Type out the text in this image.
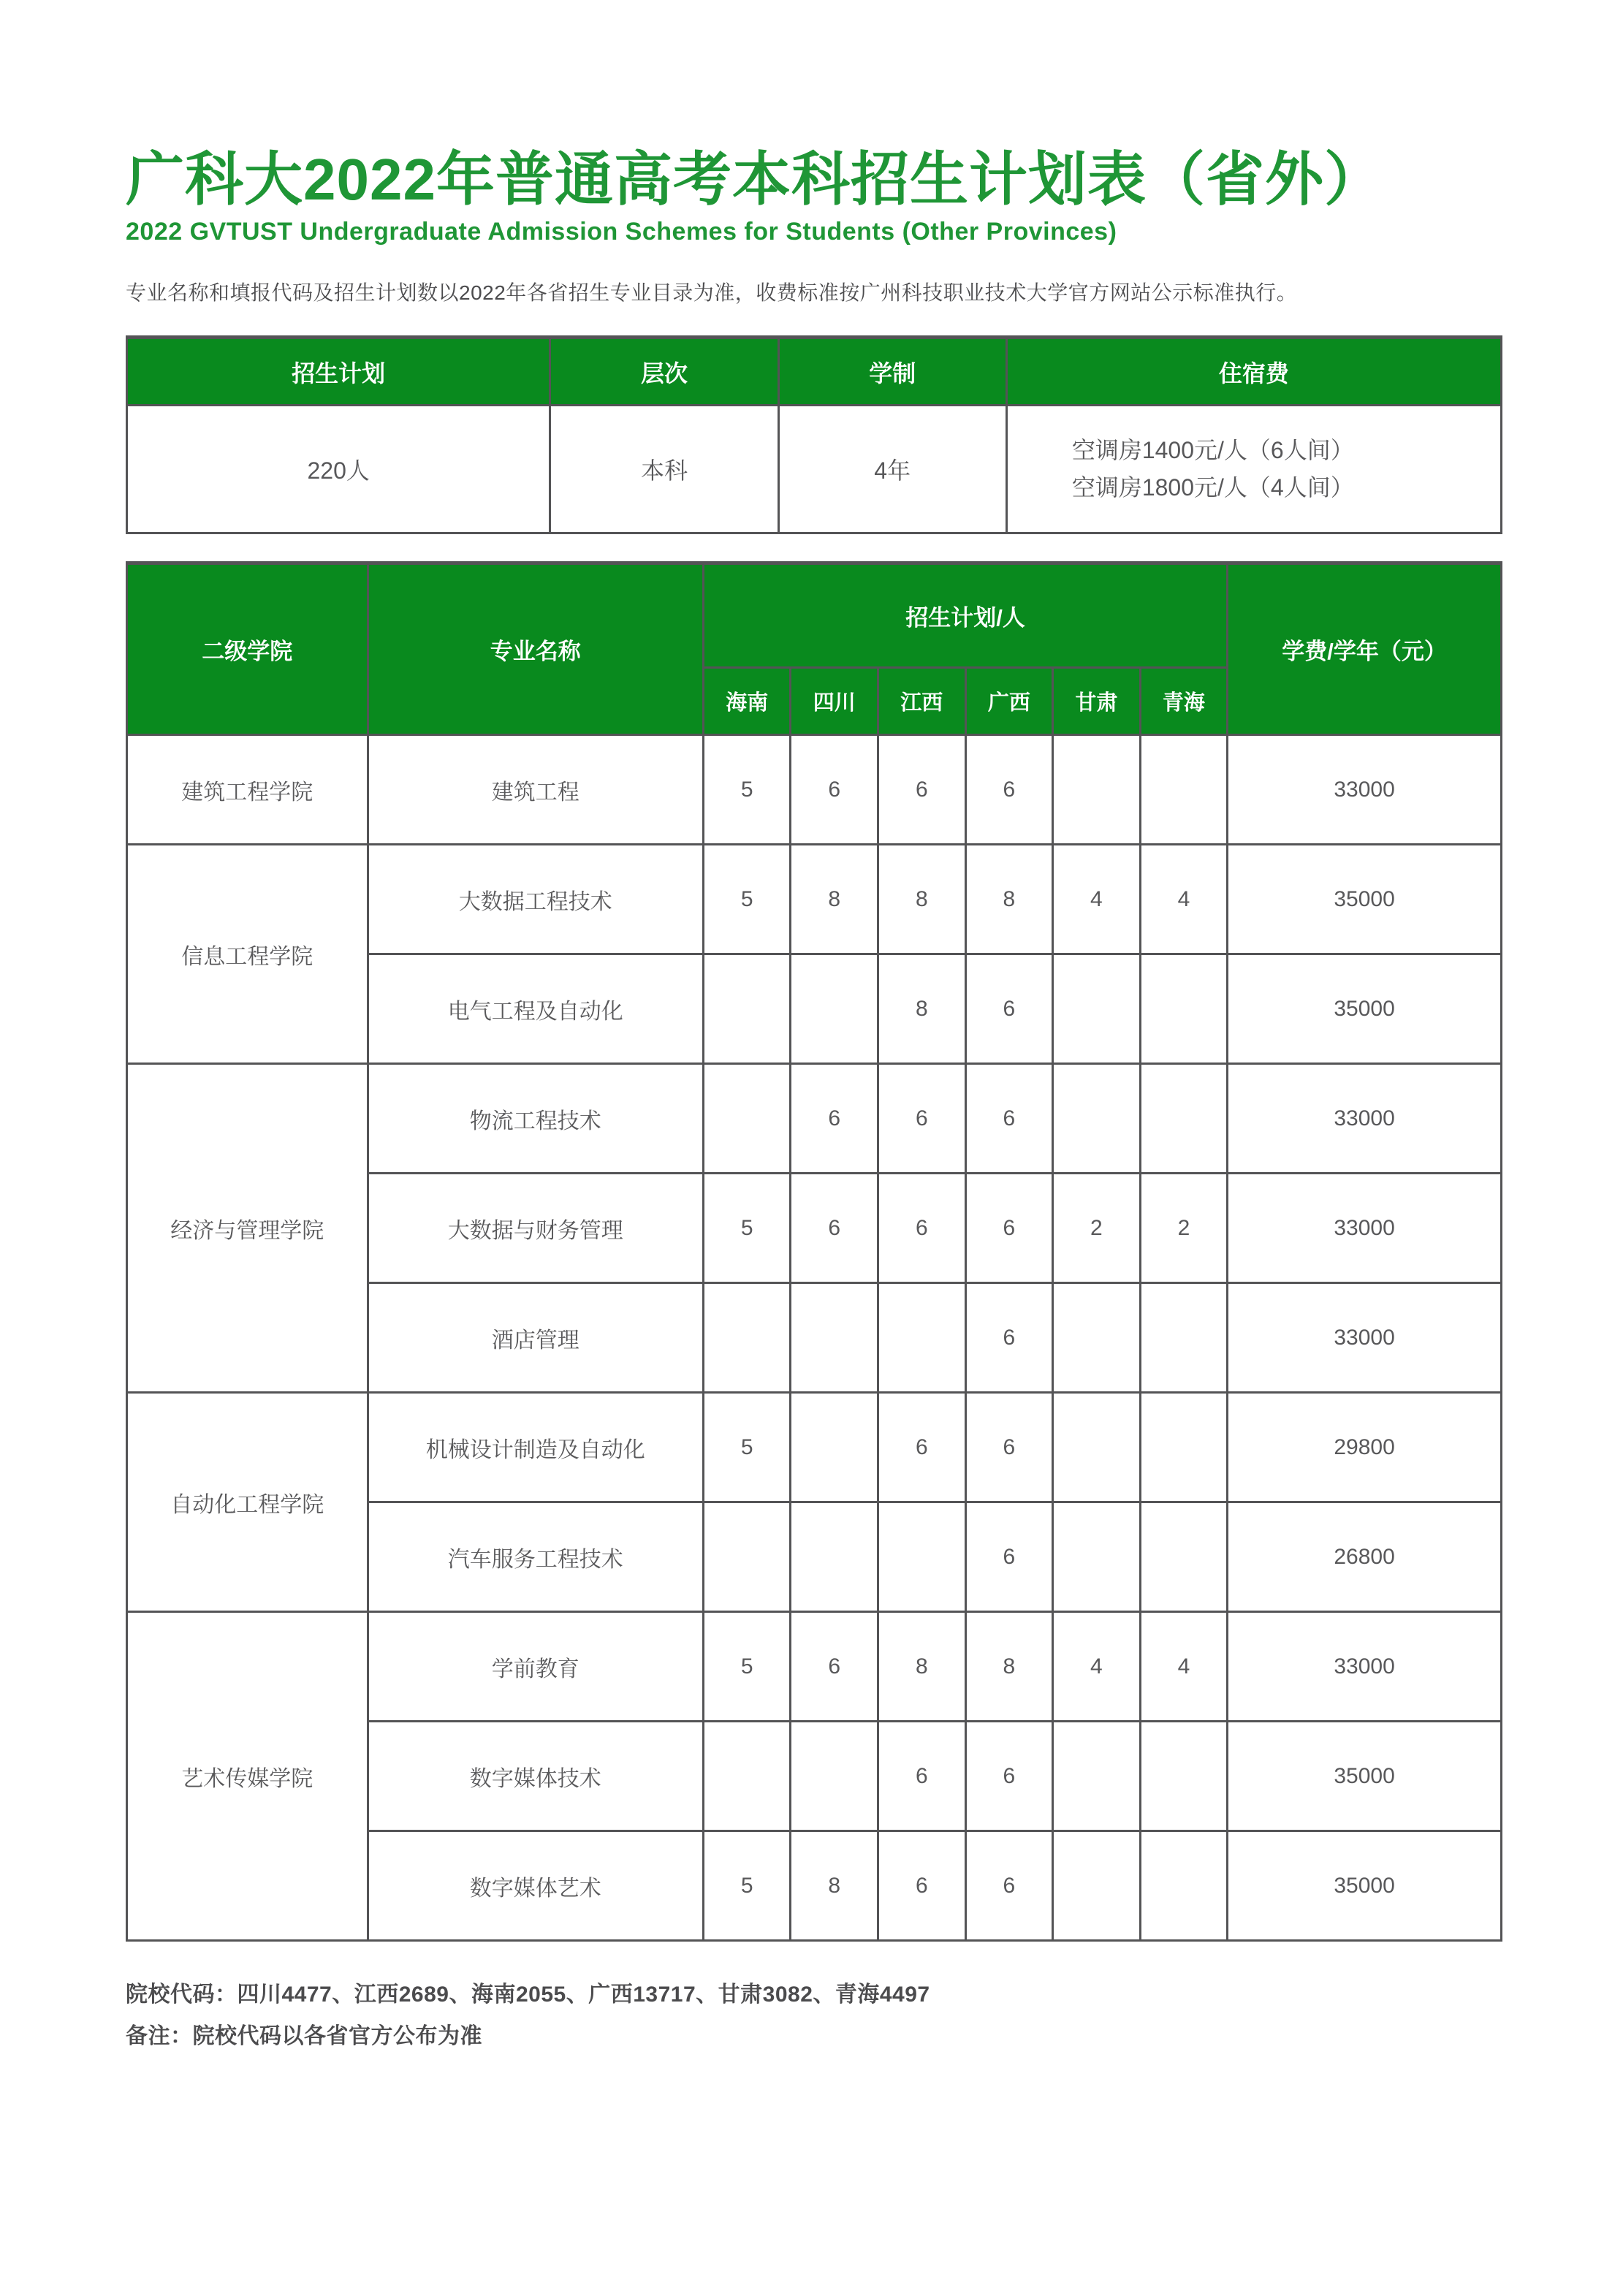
广科大2022年普通高考本科招生计划表（省外）
2022 GVTUST Undergraduate Admission Schemes for Students (Other Provinces)
专业名称和填报代码及招生计划数以2022年各省招生专业目录为准，收费标准按广州科技职业技术大学官方网站公示标准执行。
招生计划	层次	学制	住宿费
220人	本科	4年	空调房1400元/人（6人间）
空调房1800元/人（4人间）
二级学院	专业名称	招生计划/人						学费/学年（元）
		海南	四川	江西	广西	甘肃	青海	
建筑工程学院	建筑工程	5	6	6	6			33000
信息工程学院	大数据工程技术	5	8	8	8	4	4	35000
	电气工程及自动化			8	6			35000
经济与管理学院	物流工程技术		6	6	6			33000
	大数据与财务管理	5	6	6	6	2	2	33000
	酒店管理				6			33000
自动化工程学院	机械设计制造及自动化	5		6	6			29800
	汽车服务工程技术				6			26800
艺术传媒学院	学前教育	5	6	8	8	4	4	33000
	数字媒体技术			6	6			35000
	数字媒体艺术	5	8	6	6			35000
院校代码：四川4477、江西2689、海南2055、广西13717、甘肃3082、青海4497
备注：院校代码以各省官方公布为准
